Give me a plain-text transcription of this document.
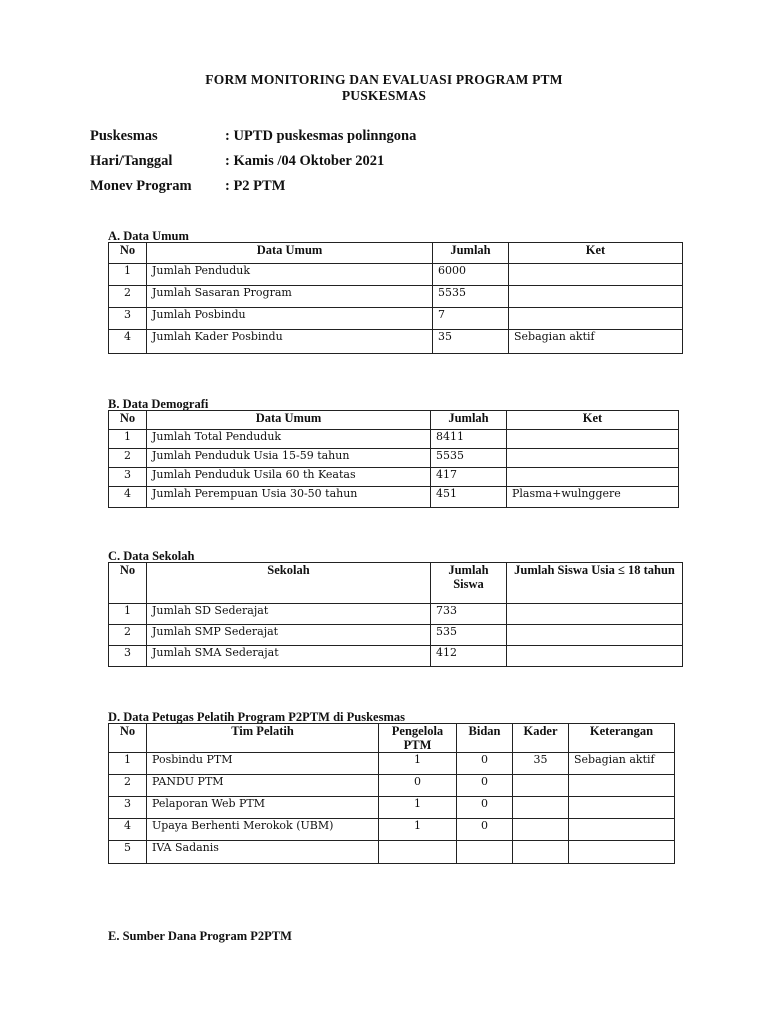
FORM MONITORING DAN EVALUASI PROGRAM PTM
PUSKESMAS
Puskesmas	: UPTD puskesmas polinngona
Hari/Tanggal	: Kamis /04 Oktober 2021
Monev Program : P2 PTM
A. Data Umum
No	Data Umum	Jumlah	Ket
1	Jumlah Penduduk	6000	
2	Jumlah Sasaran Program	5535	
3	Jumlah Posbindu	7	
4	Jumlah Kader Posbindu	35	Sebagian aktif
B. Data Demografi
No	Data Umum	Jumlah	Ket
1	Jumlah Total Penduduk	8411	
2	Jumlah Penduduk Usia 15-59 tahun	5535	
3	Jumlah Penduduk Usila 60 th Keatas	417	
4	Jumlah Perempuan Usia 30-50 tahun	451	Plasma+wulnggere
C. Data Sekolah
No	Sekolah	Jumlah Siswa	Jumlah Siswa Usia ≤ 18 tahun
1	Jumlah SD Sederajat	733	
2	Jumlah SMP Sederajat	535	
3	Jumlah SMA Sederajat	412	
D. Data Petugas Pelatih Program P2PTM di Puskesmas
No	Tim Pelatih	Pengelola PTM	Bidan	Kader	Keterangan
1	Posbindu PTM	1	0	35	Sebagian aktif
2	PANDU PTM	0	0		
3	Pelaporan Web PTM	1	0		
4	Upaya Berhenti Merokok (UBM)	1	0		
5	IVA Sadanis				
E. Sumber Dana Program P2PTM
